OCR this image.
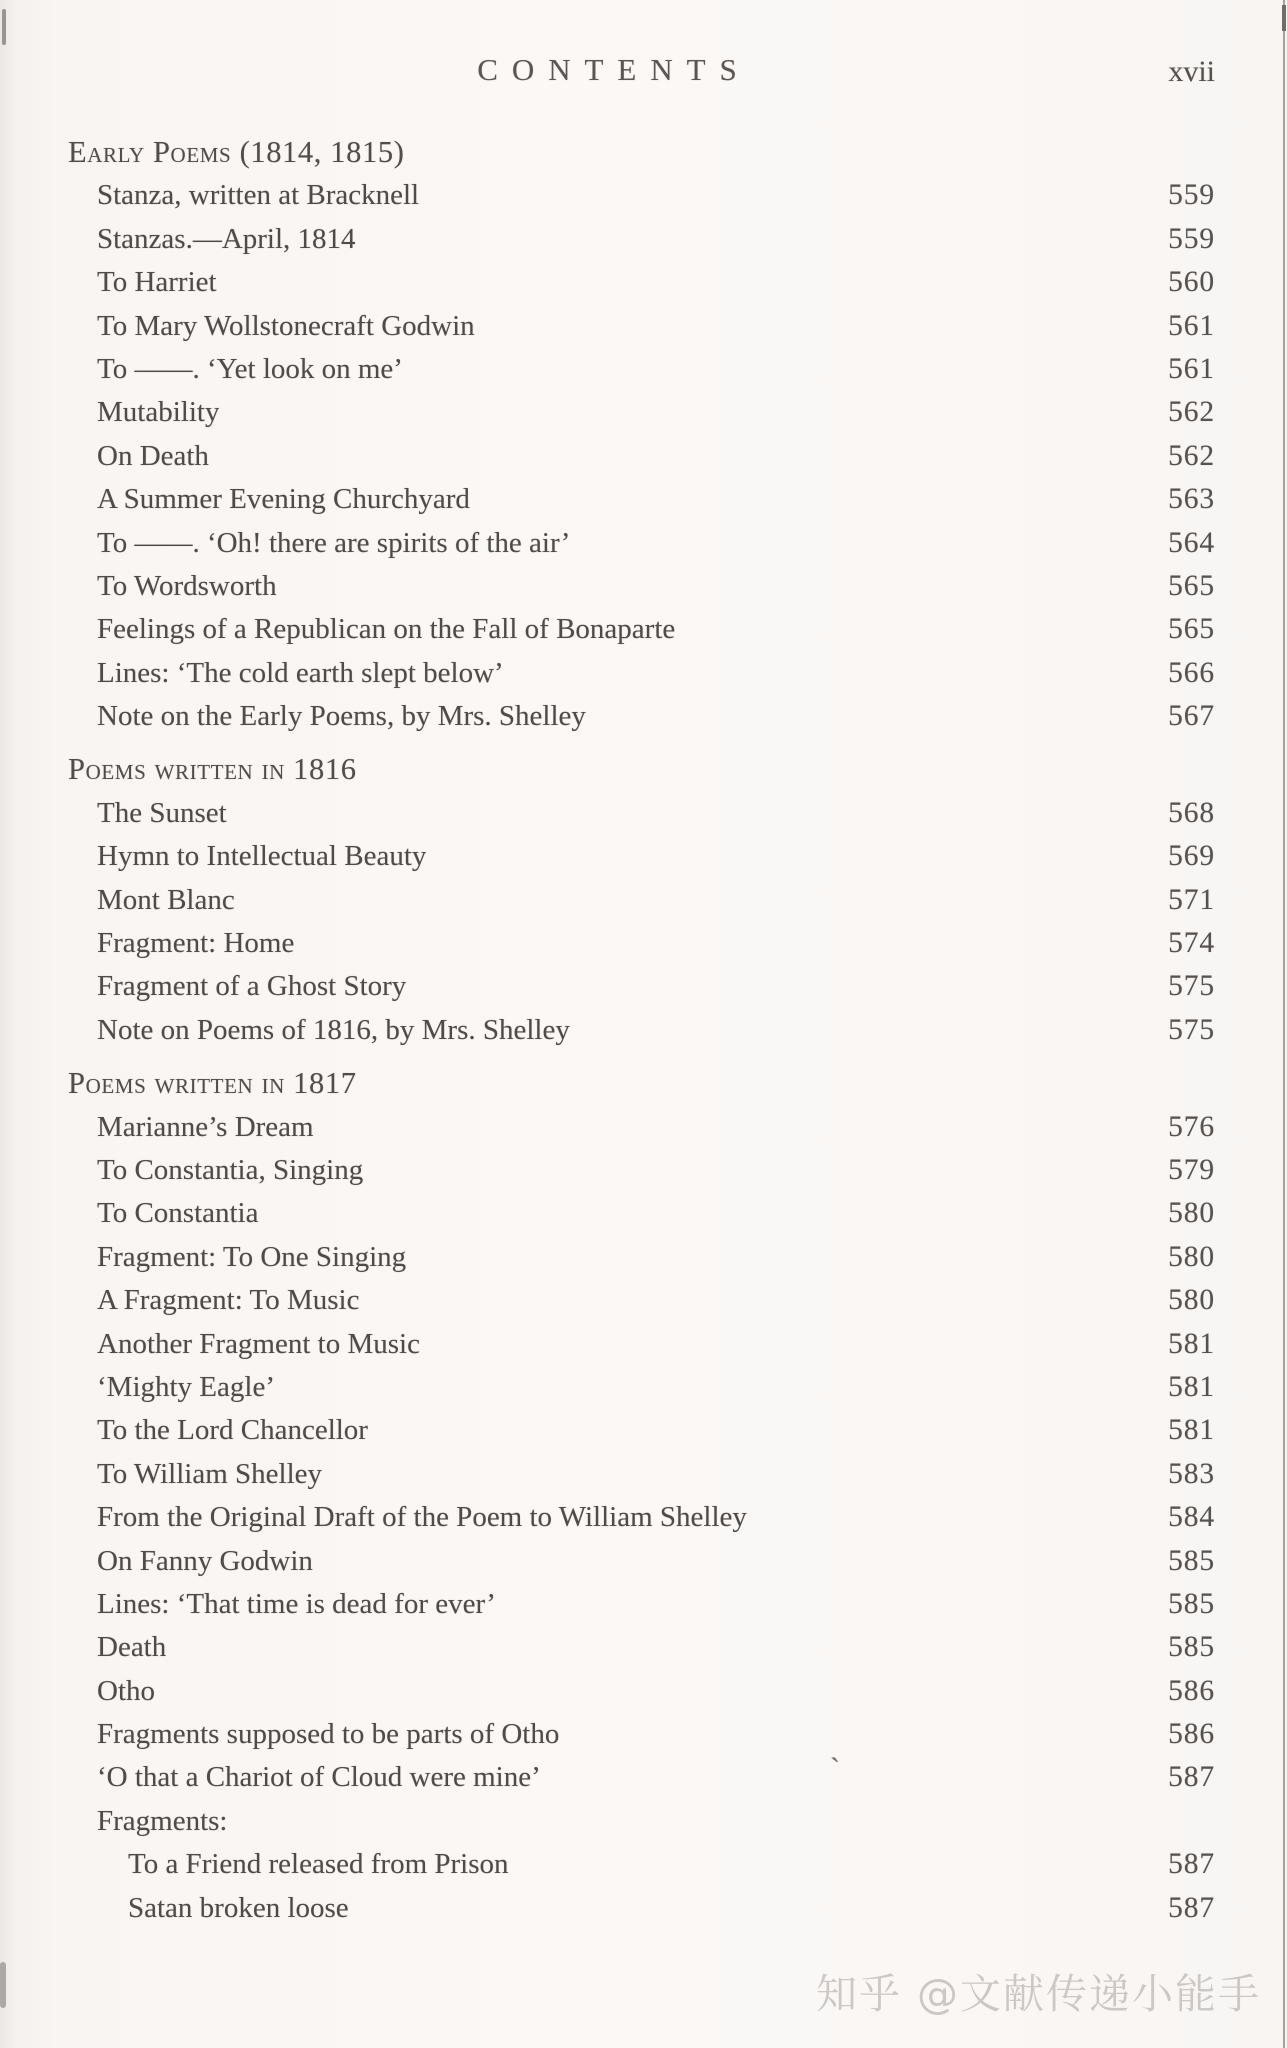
CONTENTS	xvii
Early Poems (1814, 1815)
Stanza, written at Bracknell	559
Stanzas.—April, 1814	559
To Harriet	560
To Mary Wollstonecraft Godwin	561
To ——. ‘Yet look on me’	561
Mutability	562
On Death	562
A Summer Evening Churchyard	563
To ——. ‘Oh! there are spirits of the air’	564
To Wordsworth	565
Feelings of a Republican on the Fall of Bonaparte	565
Lines: ‘The cold earth slept below’	566
Note on the Early Poems, by Mrs. Shelley	567
Poems written in 1816
The Sunset	568
Hymn to Intellectual Beauty	569
Mont Blanc	571
Fragment: Home	574
Fragment of a Ghost Story	575
Note on Poems of 1816, by Mrs. Shelley	575
Poems written in 1817
Marianne’s Dream	576
To Constantia, Singing	579
To Constantia	580
Fragment: To One Singing	580
A Fragment: To Music	580
Another Fragment to Music	581
‘Mighty Eagle’	581
To the Lord Chancellor	581
To William Shelley	583
From the Original Draft of the Poem to William Shelley	584
On Fanny Godwin	585
Lines: ‘That time is dead for ever’	585
Death	585
Otho	586
Fragments supposed to be parts of Otho	586
‘O that a Chariot of Cloud were mine’	587
Fragments:
To a Friend released from Prison	587
Satan broken loose	587
`
知乎 @文献传递小能手
